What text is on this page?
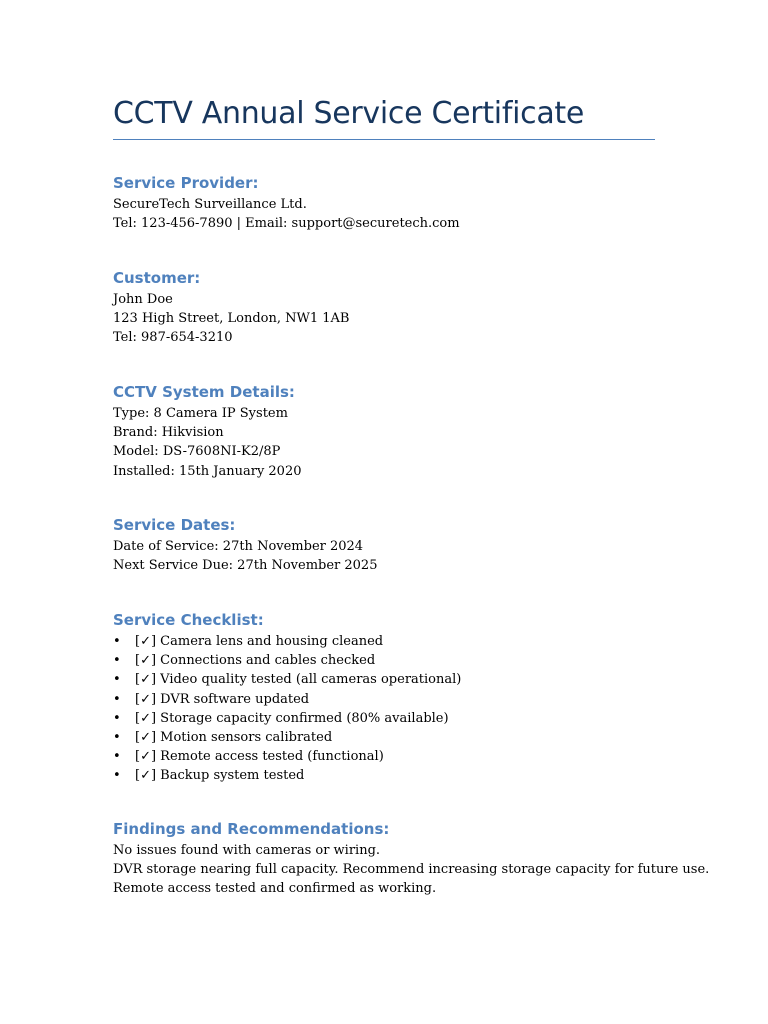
CCTV Annual Service Certificate
Service Provider:
SecureTech Surveillance Ltd.
Tel: 123-456-7890 | Email: support@securetech.com
Customer:
John Doe
123 High Street, London, NW1 1AB
Tel: 987-654-3210
CCTV System Details:
Type: 8 Camera IP System
Brand: Hikvision
Model: DS-7608NI-K2/8P
Installed: 15th January 2020
Service Dates:
Date of Service: 27th November 2024
Next Service Due: 27th November 2025
Service Checklist:
• [✓] Camera lens and housing cleaned
• [✓] Connections and cables checked
• [✓] Video quality tested (all cameras operational)
• [✓] DVR software updated
• [✓] Storage capacity confirmed (80% available)
• [✓] Motion sensors calibrated
• [✓] Remote access tested (functional)
• [✓] Backup system tested
Findings and Recommendations:
No issues found with cameras or wiring.
DVR storage nearing full capacity. Recommend increasing storage capacity for future use.
Remote access tested and confirmed as working.
